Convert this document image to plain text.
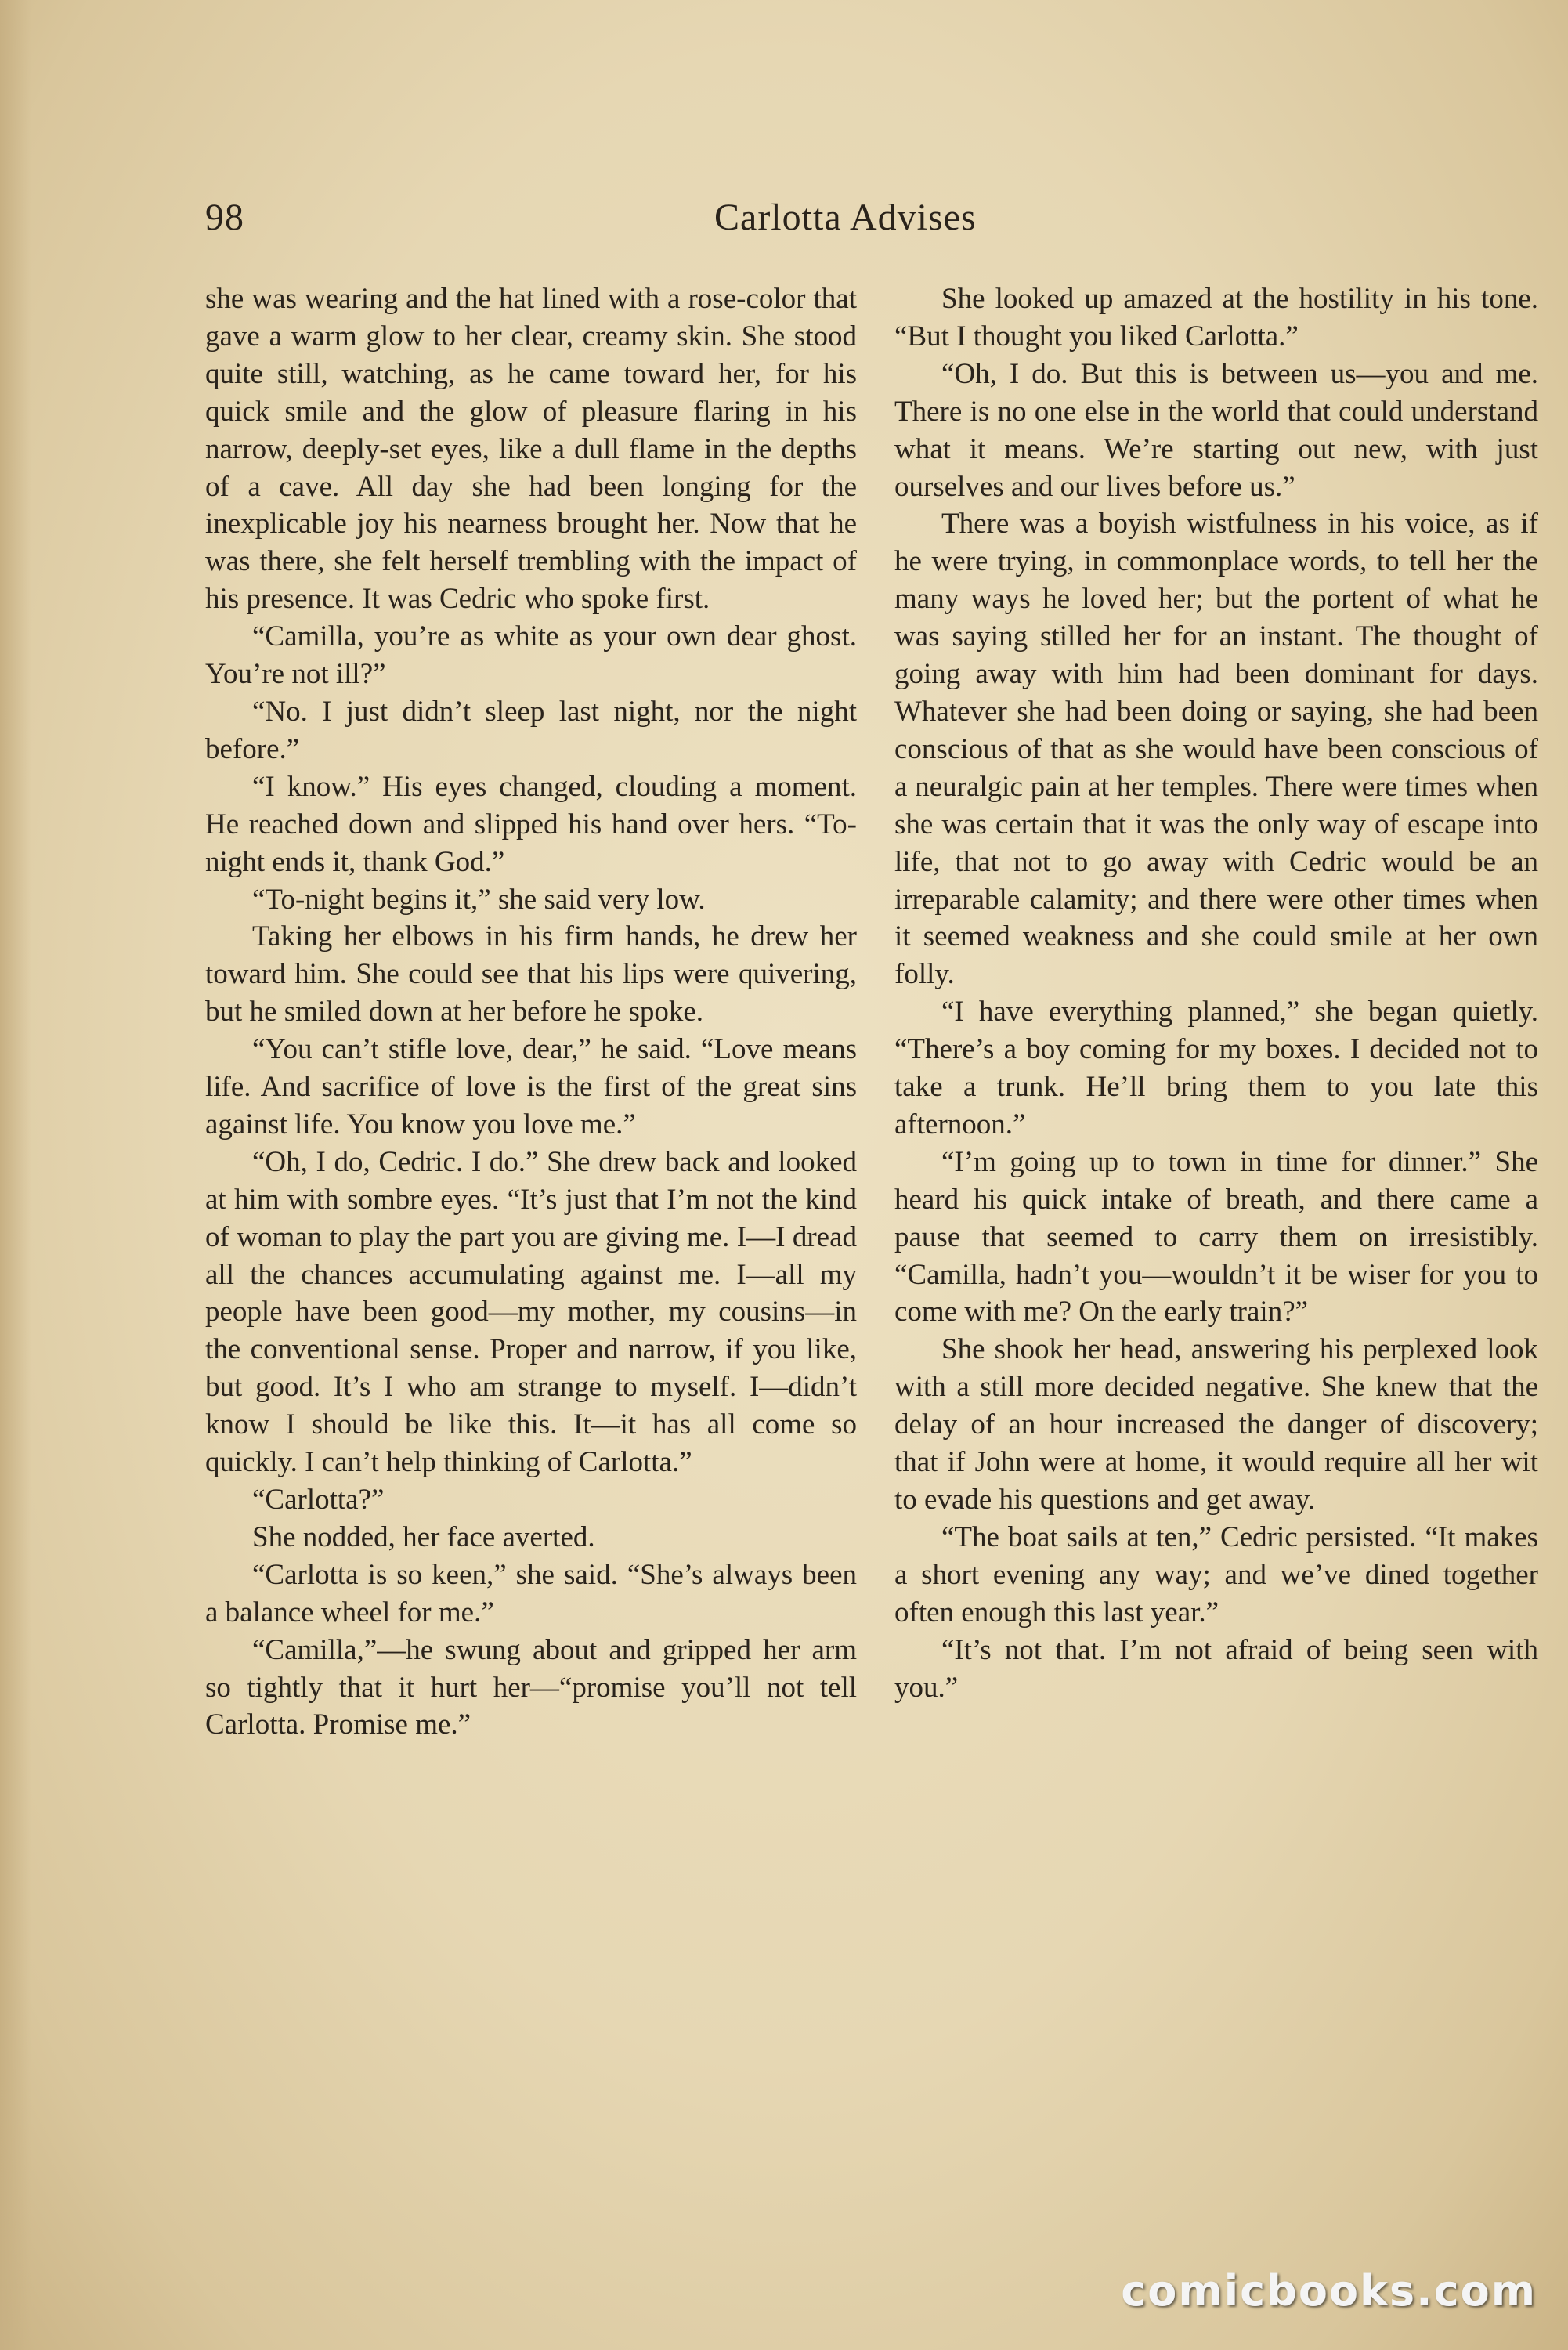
98	Carlotta Advises

she was wearing and the hat lined with a rose-color that gave a warm glow to her clear, creamy skin. She stood quite still, watching, as he came toward her, for his quick smile and the glow of pleasure flaring in his narrow, deeply-set eyes, like a dull flame in the depths of a cave. All day she had been longing for the inexplicable joy his nearness brought her. Now that he was there, she felt herself trembling with the impact of his presence. It was Cedric who spoke first.

“Camilla, you’re as white as your own dear ghost. You’re not ill?”

“No. I just didn’t sleep last night, nor the night before.”

“I know.” His eyes changed, clouding a moment. He reached down and slipped his hand over hers. “To-night ends it, thank God.”

“To-night begins it,” she said very low.

Taking her elbows in his firm hands, he drew her toward him. She could see that his lips were quivering, but he smiled down at her before he spoke.

“You can’t stifle love, dear,” he said. “Love means life. And sacrifice of love is the first of the great sins against life. You know you love me.”

“Oh, I do, Cedric. I do.” She drew back and looked at him with sombre eyes. “It’s just that I’m not the kind of woman to play the part you are giving me. I—I dread all the chances accumulating against me. I—all my people have been good—my mother, my cousins—in the conventional sense. Proper and narrow, if you like, but good. It’s I who am strange to myself. I—didn’t know I should be like this. It—it has all come so quickly. I can’t help thinking of Carlotta.”

“Carlotta?”

She nodded, her face averted.

“Carlotta is so keen,” she said. “She’s always been a balance wheel for me.”

“Camilla,”—he swung about and gripped her arm so tightly that it hurt her—“promise you’ll not tell Carlotta. Promise me.”

She looked up amazed at the hostility in his tone. “But I thought you liked Carlotta.”

“Oh, I do. But this is between us—you and me. There is no one else in the world that could understand what it means. We’re starting out new, with just ourselves and our lives before us.”

There was a boyish wistfulness in his voice, as if he were trying, in commonplace words, to tell her the many ways he loved her; but the portent of what he was saying stilled her for an instant. The thought of going away with him had been dominant for days. Whatever she had been doing or saying, she had been conscious of that as she would have been conscious of a neuralgic pain at her temples. There were times when she was certain that it was the only way of escape into life, that not to go away with Cedric would be an irreparable calamity; and there were other times when it seemed weakness and she could smile at her own folly.

“I have everything planned,” she began quietly. “There’s a boy coming for my boxes. I decided not to take a trunk. He’ll bring them to you late this afternoon.”

“I’m going up to town in time for dinner.” She heard his quick intake of breath, and there came a pause that seemed to carry them on irresistibly. “Camilla, hadn’t you—wouldn’t it be wiser for you to come with me? On the early train?”

She shook her head, answering his perplexed look with a still more decided negative. She knew that the delay of an hour increased the danger of discovery; that if John were at home, it would require all her wit to evade his questions and get away.

“The boat sails at ten,” Cedric persisted. “It makes a short evening any way; and we’ve dined together often enough this last year.”

“It’s not that. I’m not afraid of being seen with you.”

comicbooks.com
